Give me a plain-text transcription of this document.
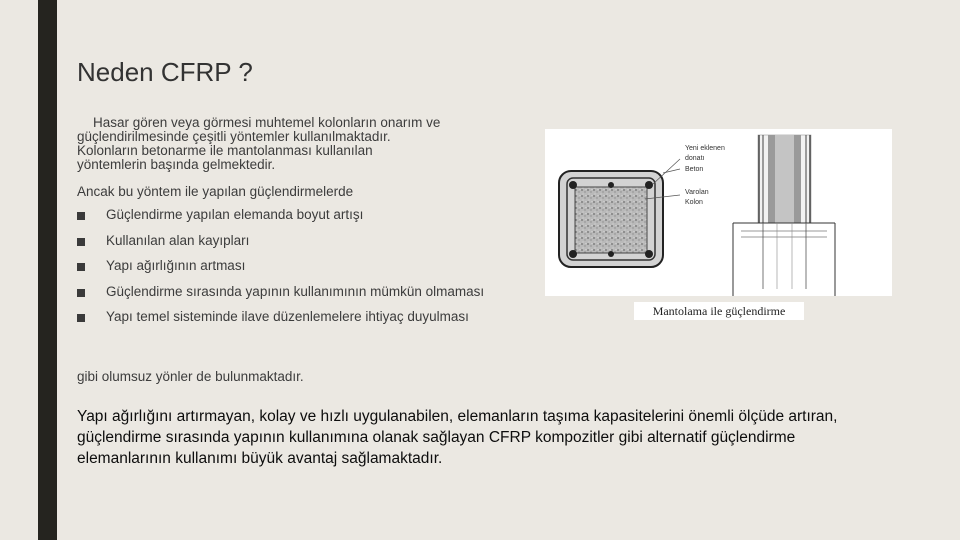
Neden CFRP ?
Hasar gören veya görmesi muhtemel kolonların onarım ve
güçlendirilmesinde çeşitli yöntemler kullanılmaktadır.
Kolonların betonarme ile mantolanması kullanılan
yöntemlerin başında gelmektedir.
Ancak bu yöntem ile yapılan güçlendirmelerde
Güçlendirme yapılan elemanda boyut artışı
Kullanılan alan kayıpları
Yapı ağırlığının artması
Güçlendirme sırasında yapının kullanımının mümkün olmaması
Yapı temel sisteminde ilave düzenlemelere ihtiyaç duyulması
gibi olumsuz yönler de bulunmaktadır.
Yapı ağırlığını artırmayan, kolay ve hızlı uygulanabilen, elemanların taşıma kapasitelerini önemli ölçüde artıran, güçlendirme sırasında yapının kullanımına olanak sağlayan CFRP kompozitler gibi alternatif güçlendirme elemanlarının kullanımı büyük avantaj sağlamaktadır.
Yeni eklenen
donatı
Beton
Varolan
Kolon
Mantolama ile güçlendirme
